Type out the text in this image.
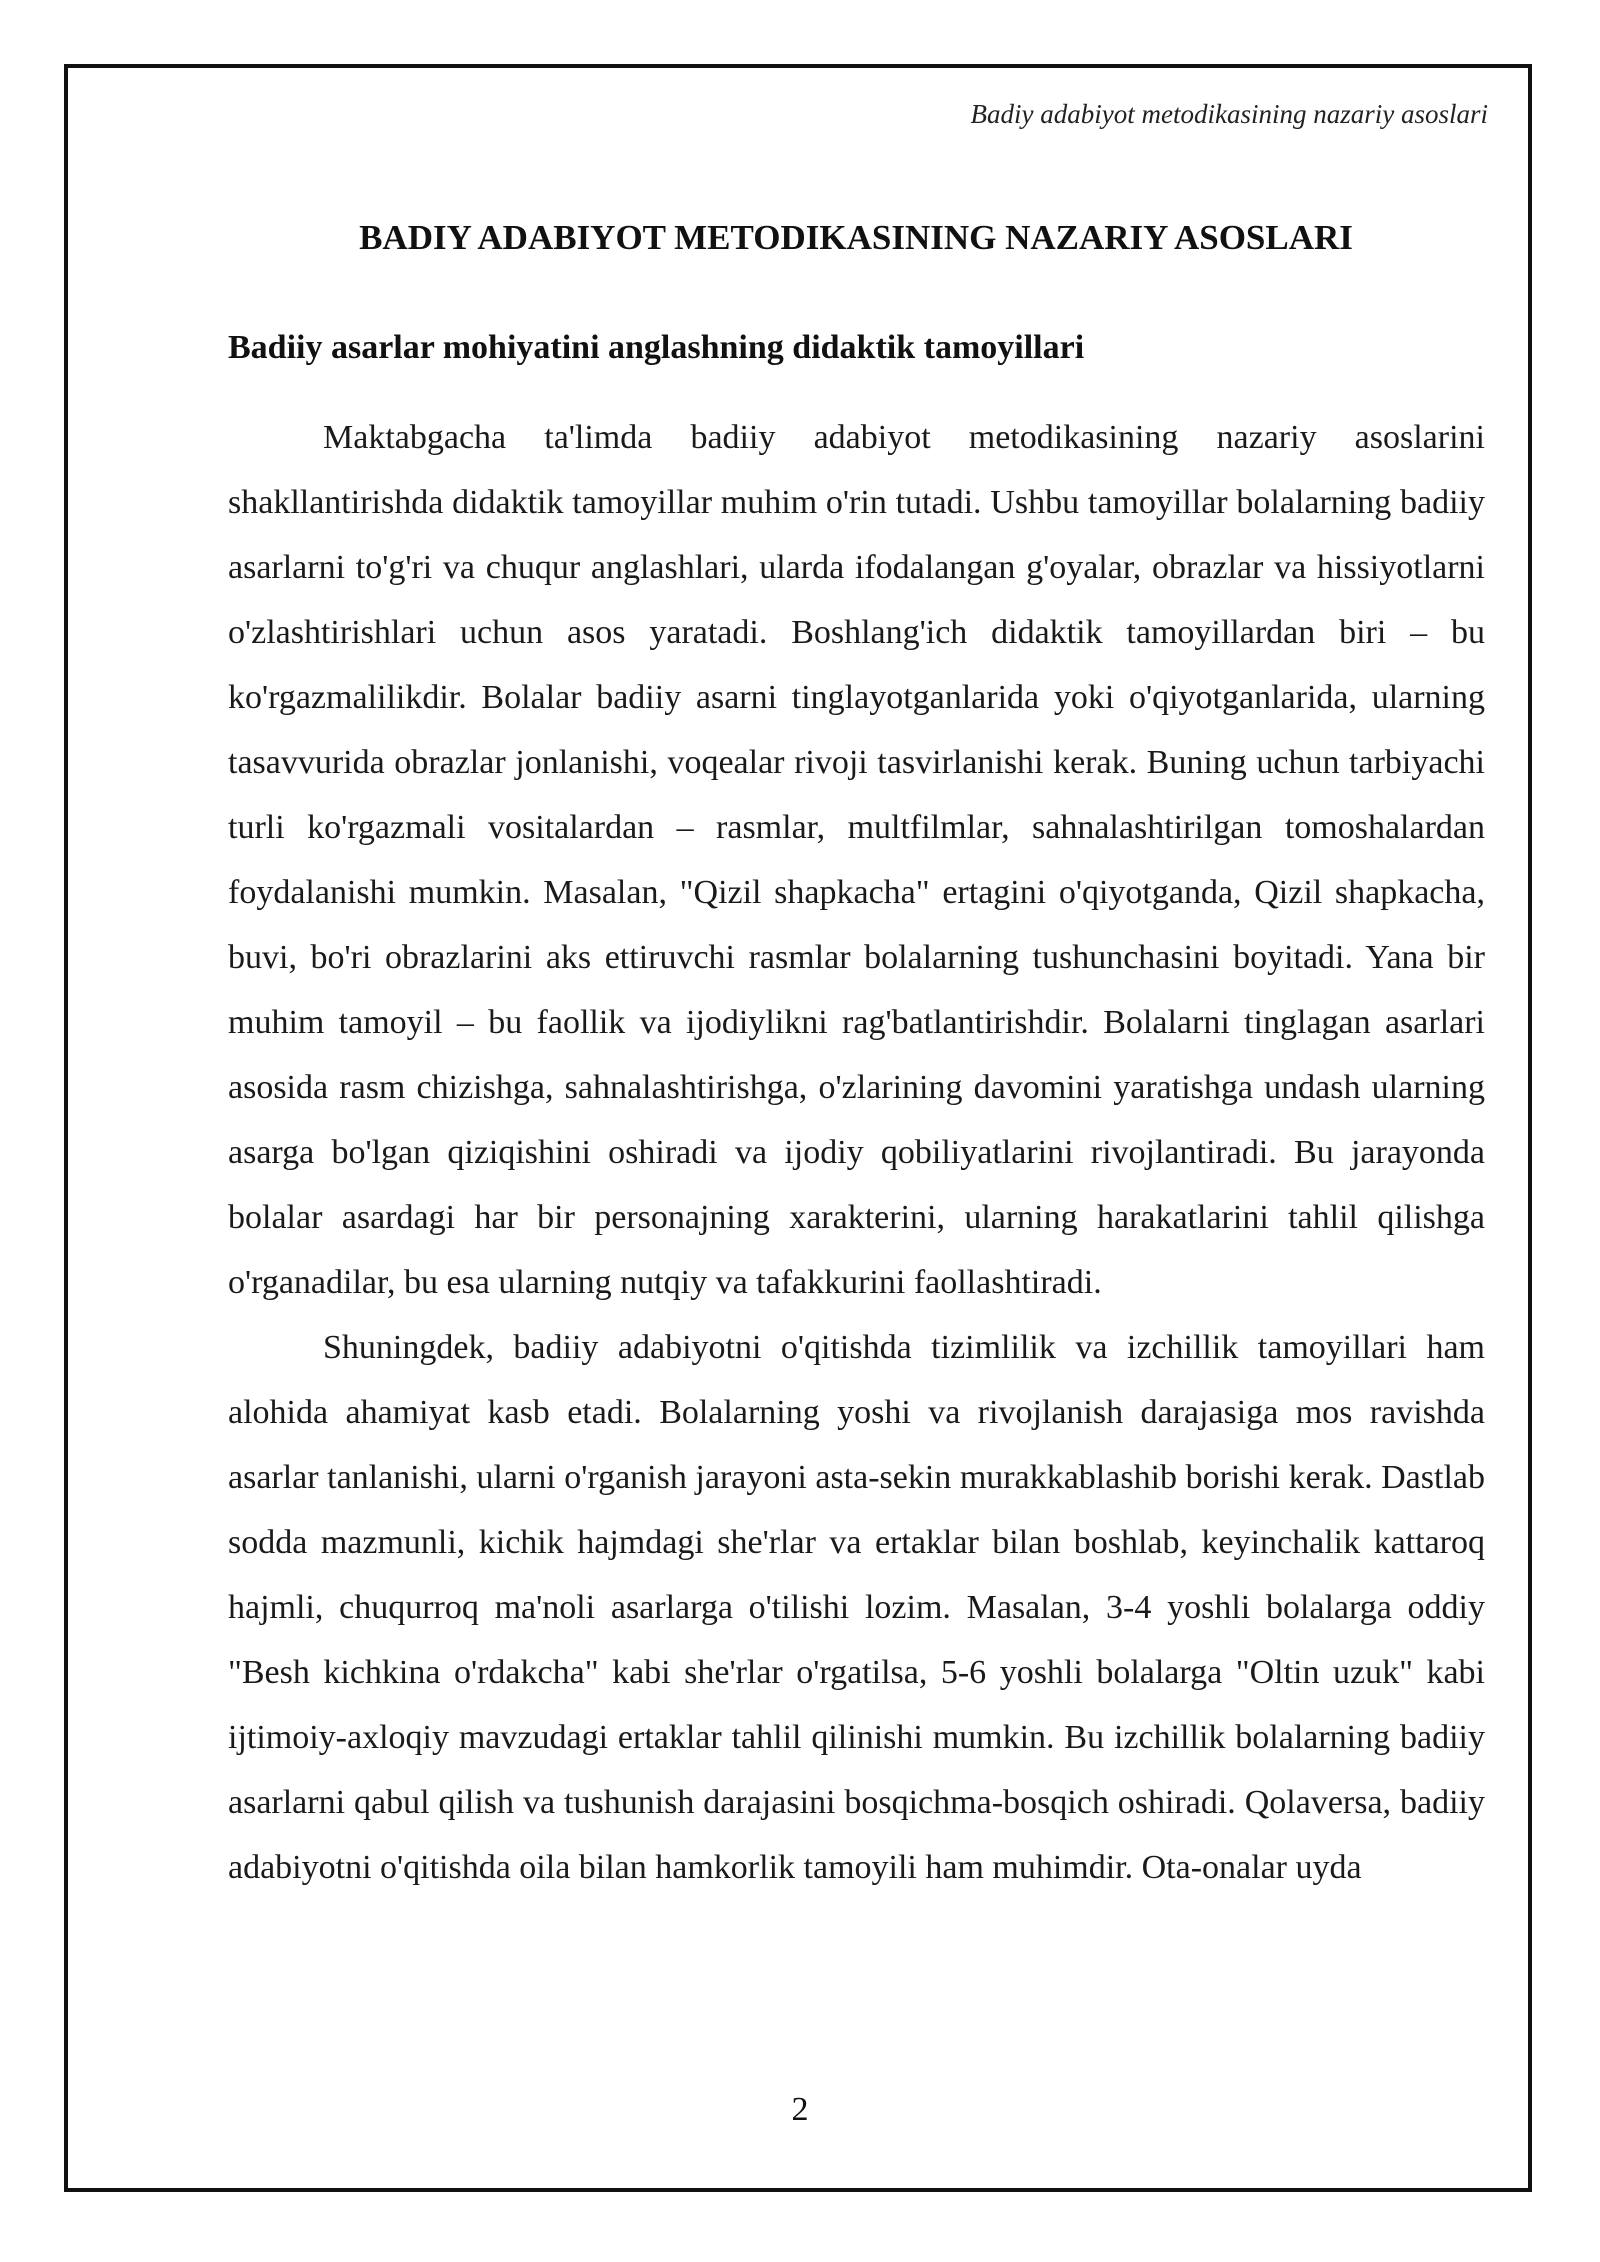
Badiy adabiyot metodikasining nazariy asoslari
BADIY ADABIYOT METODIKASINING NAZARIY ASOSLARI
Badiiy asarlar mohiyatini anglashning didaktik tamoyillari

Maktabgacha ta'limda badiiy adabiyot metodikasining nazariy asoslarini shakllantirishda didaktik tamoyillar muhim o'rin tutadi. Ushbu tamoyillar bolalarning badiiy asarlarni to'g'ri va chuqur anglashlari, ularda ifodalangan g'oyalar, obrazlar va hissiyotlarni o'zlashtirishlari uchun asos yaratadi. Boshlang'ich didaktik tamoyillardan biri – bu ko'rgazmalilikdir. Bolalar badiiy asarni tinglayotganlarida yoki o'qiyotganlarida, ularning tasavvurida obrazlar jonlanishi, voqealar rivoji tasvirlanishi kerak. Buning uchun tarbiyachi turli ko'rgazmali vositalardan – rasmlar, multfilmlar, sahnalashtirilgan tomoshalardan foydalanishi mumkin. Masalan, "Qizil shapkacha" ertagini o'qiyotganda, Qizil shapkacha, buvi, bo'ri obrazlarini aks ettiruvchi rasmlar bolalarning tushunchasini boyitadi. Yana bir muhim tamoyil – bu faollik va ijodiylikni rag'batlantirishdir. Bolalarni tinglagan asarlari asosida rasm chizishga, sahnalashtirishga, o'zlarining davomini yaratishga undash ularning asarga bo'lgan qiziqishini oshiradi va ijodiy qobiliyatlarini rivojlantiradi. Bu jarayonda bolalar asardagi har bir personajning xarakterini, ularning harakatlarini tahlil qilishga o'rganadilar, bu esa ularning nutqiy va tafakkurini faollashtiradi.

Shuningdek, badiiy adabiyotni o'qitishda tizimlilik va izchillik tamoyillari ham alohida ahamiyat kasb etadi. Bolalarning yoshi va rivojlanish darajasiga mos ravishda asarlar tanlanishi, ularni o'rganish jarayoni asta-sekin murakkablashib borishi kerak. Dastlab sodda mazmunli, kichik hajmdagi she'rlar va ertaklar bilan boshlab, keyinchalik kattaroq hajmli, chuqurroq ma'noli asarlarga o'tilishi lozim. Masalan, 3-4 yoshli bolalarga oddiy "Besh kichkina o'rdakcha" kabi she'rlar o'rgatilsa, 5-6 yoshli bolalarga "Oltin uzuk" kabi ijtimoiy-axloqiy mavzudagi ertaklar tahlil qilinishi mumkin. Bu izchillik bolalarning badiiy asarlarni qabul qilish va tushunish darajasini bosqichma-bosqich oshiradi. Qolaversa, badiiy adabiyotni o'qitishda oila bilan hamkorlik tamoyili ham muhimdir. Ota-onalar uyda

2
